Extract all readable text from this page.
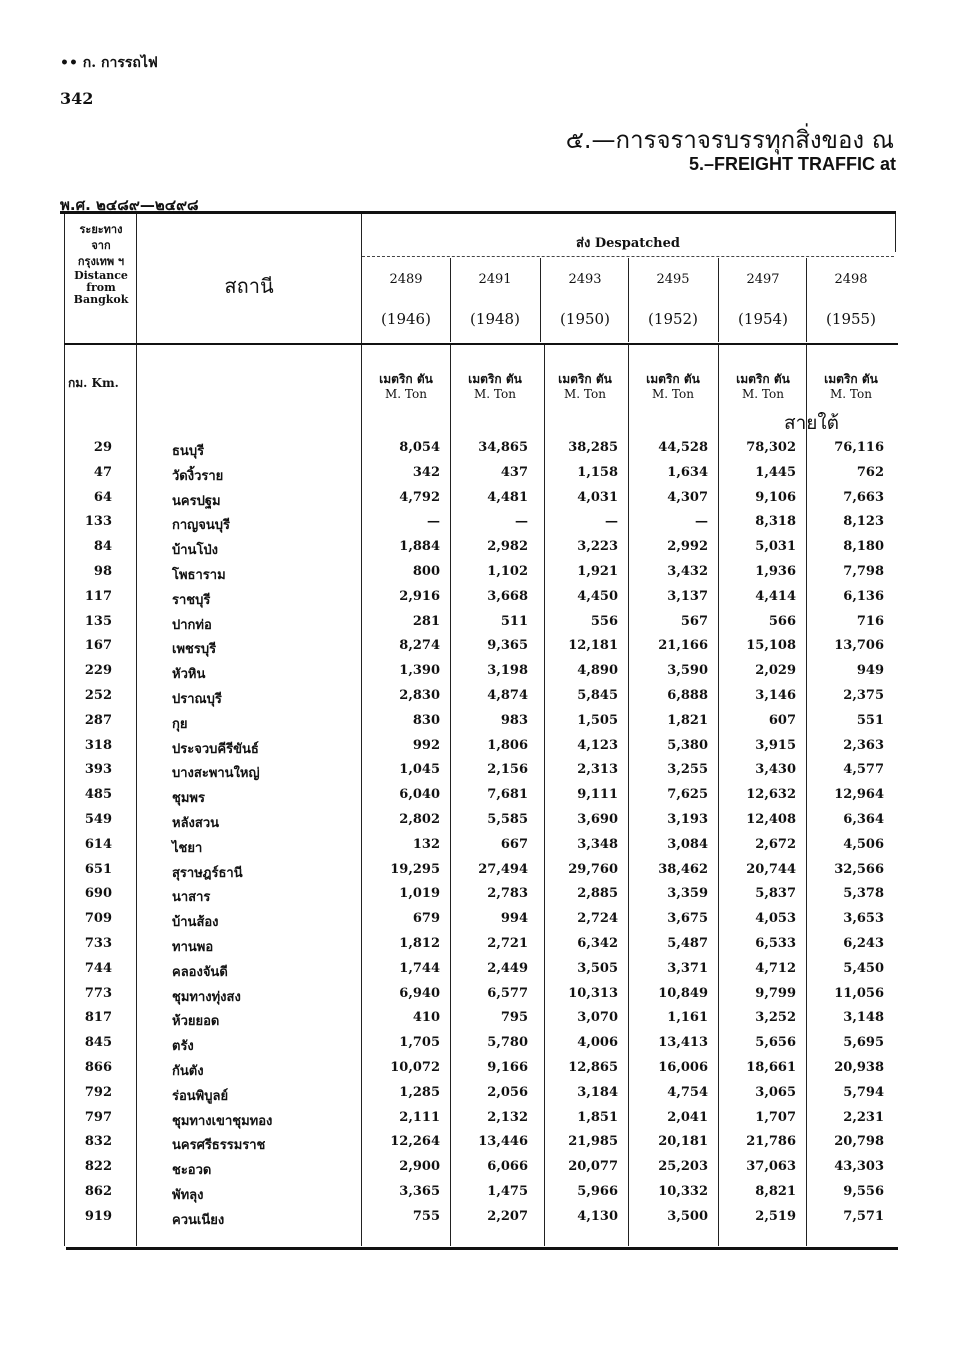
•• ก. การรถไฟ
342
๕.—การจราจรบรรทุกสิ่งของ ณ
5.–FREIGHT TRAFFIC at
พ.ศ. ๒๔๘๙—๒๔๙๘
ระยะทาง
จาก
กรุงเทพ ฯ
Distance
from
Bangkok
สถานี
ส่ง Despatched
2489
(1946)
2491
(1948)
2493
(1950)
2495
(1952)
2497
(1954)
2498
(1955)
กม. Km.	เมตริก ตัน
M. Ton
เมตริก ตัน
M. Ton
เมตริก ตัน
M. Ton
เมตริก ตัน
M. Ton
เมตริก ตัน
M. Ton
เมตริก ตัน
M. Ton
สายใต้
29	ธนบุรี	8,054	34,865	38,285	44,528	78,302	76,116
47	วัดงิ้วราย	342	437	1,158	1,634	1,445	762
64	นครปฐม	4,792	4,481	4,031	4,307	9,106	7,663
133	กาญจนบุรี	—	—	—	—	8,318	8,123
84	บ้านโป่ง	1,884	2,982	3,223	2,992	5,031	8,180
98	โพธาราม	800	1,102	1,921	3,432	1,936	7,798
117	ราชบุรี	2,916	3,668	4,450	3,137	4,414	6,136
135	ปากท่อ	281	511	556	567	566	716
167	เพชรบุรี	8,274	9,365	12,181	21,166	15,108	13,706
229	หัวหิน	1,390	3,198	4,890	3,590	2,029	949
252	ปราณบุรี	2,830	4,874	5,845	6,888	3,146	2,375
287	กุย	830	983	1,505	1,821	607	551
318	ประจวบคีรีขันธ์	992	1,806	4,123	5,380	3,915	2,363
393	บางสะพานใหญ่	1,045	2,156	2,313	3,255	3,430	4,577
485	ชุมพร	6,040	7,681	9,111	7,625	12,632	12,964
549	หลังสวน	2,802	5,585	3,690	3,193	12,408	6,364
614	ไชยา	132	667	3,348	3,084	2,672	4,506
651	สุราษฎร์ธานี	19,295	27,494	29,760	38,462	20,744	32,566
690	นาสาร	1,019	2,783	2,885	3,359	5,837	5,378
709	บ้านส้อง	679	994	2,724	3,675	4,053	3,653
733	ทานพอ	1,812	2,721	6,342	5,487	6,533	6,243
744	คลองจันดี	1,744	2,449	3,505	3,371	4,712	5,450
773	ชุมทางทุ่งสง	6,940	6,577	10,313	10,849	9,799	11,056
817	ห้วยยอด	410	795	3,070	1,161	3,252	3,148
845	ตรัง	1,705	5,780	4,006	13,413	5,656	5,695
866	กันตัง	10,072	9,166	12,865	16,006	18,661	20,938
792	ร่อนพิบูลย์	1,285	2,056	3,184	4,754	3,065	5,794
797	ชุมทางเขาชุมทอง	2,111	2,132	1,851	2,041	1,707	2,231
832	นครศรีธรรมราช	12,264	13,446	21,985	20,181	21,786	20,798
822	ชะอวด	2,900	6,066	20,077	25,203	37,063	43,303
862	พัทลุง	3,365	1,475	5,966	10,332	8,821	9,556
919	ควนเนียง	755	2,207	4,130	3,500	2,519	7,571
